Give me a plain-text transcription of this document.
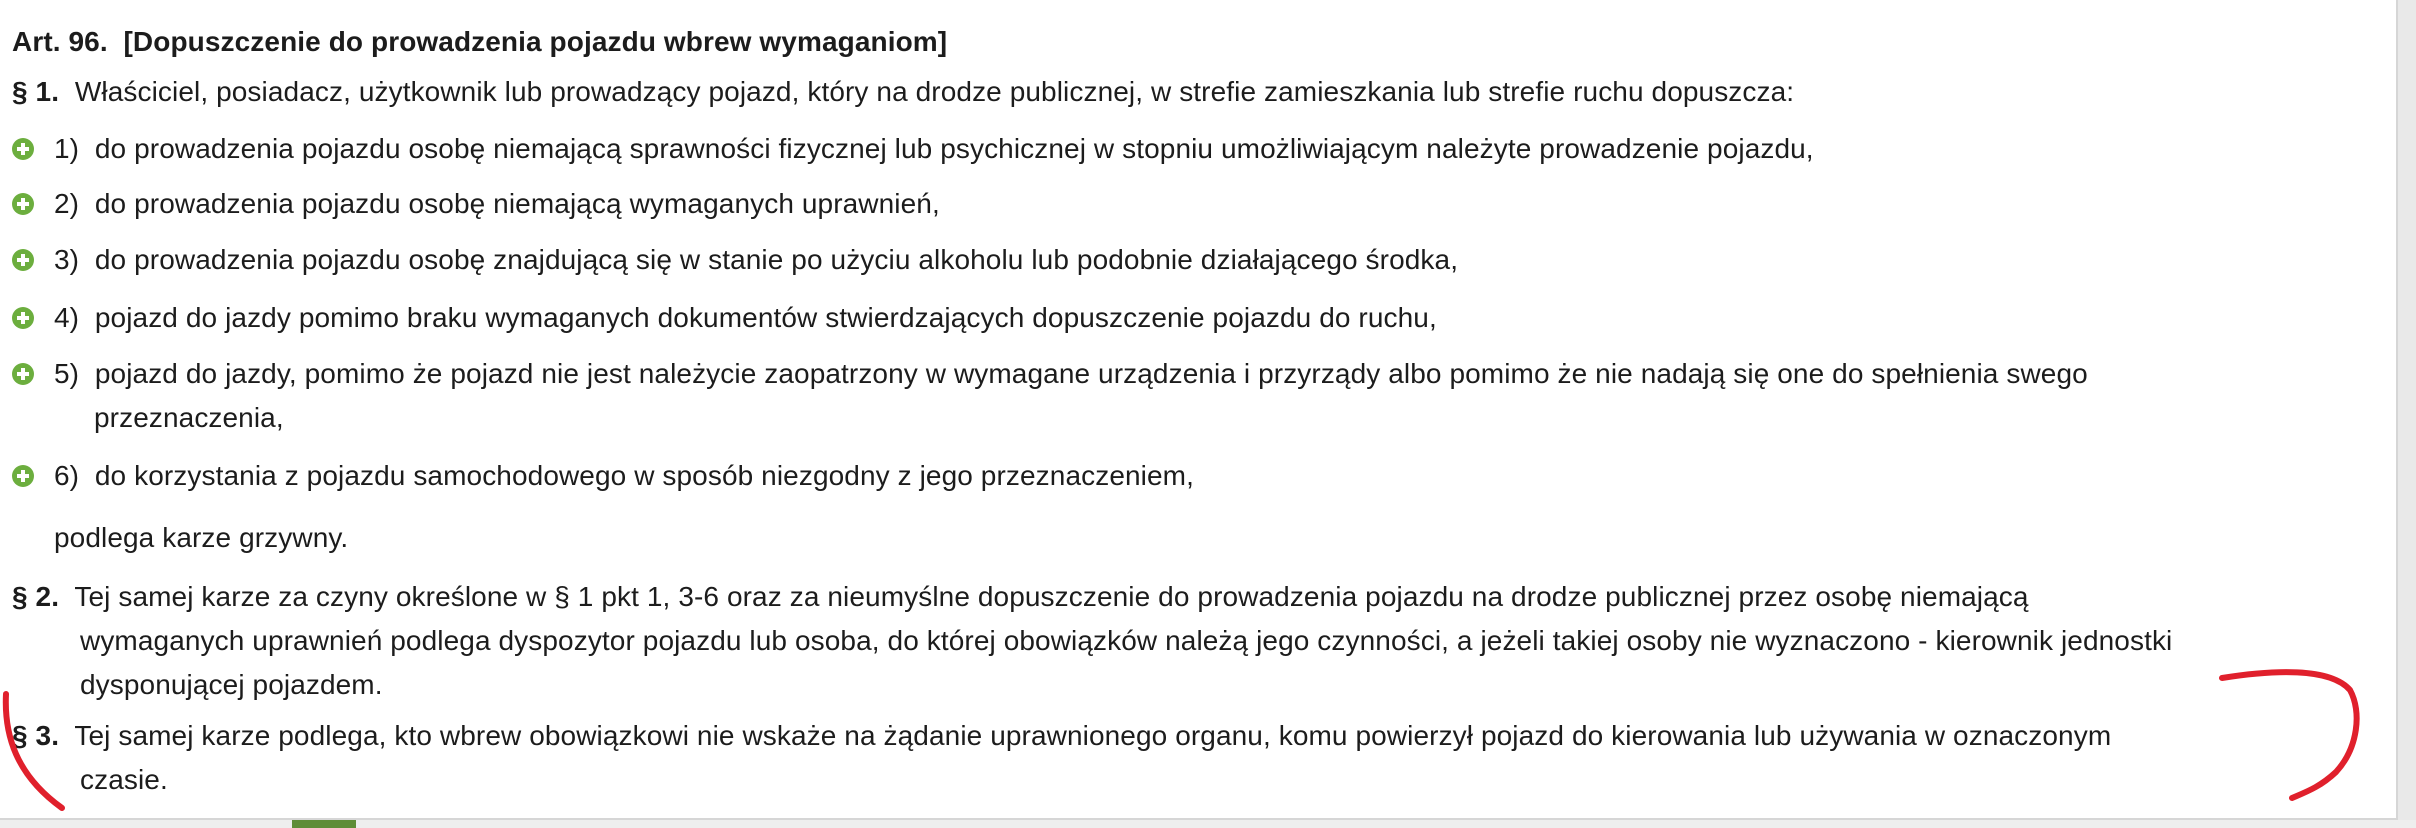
Art. 96. [Dopuszczenie do prowadzenia pojazdu wbrew wymaganiom]
§ 1. Właściciel, posiadacz, użytkownik lub prowadzący pojazd, który na drodze publicznej, w strefie zamieszkania lub strefie ruchu dopuszcza:
1) do prowadzenia pojazdu osobę niemającą sprawności fizycznej lub psychicznej w stopniu umożliwiającym należyte prowadzenie pojazdu,
2) do prowadzenia pojazdu osobę niemającą wymaganych uprawnień,
3) do prowadzenia pojazdu osobę znajdującą się w stanie po użyciu alkoholu lub podobnie działającego środka,
4) pojazd do jazdy pomimo braku wymaganych dokumentów stwierdzających dopuszczenie pojazdu do ruchu,
5) pojazd do jazdy, pomimo że pojazd nie jest należycie zaopatrzony w wymagane urządzenia i przyrządy albo pomimo że nie nadają się one do spełnienia swego
przeznaczenia,
6) do korzystania z pojazdu samochodowego w sposób niezgodny z jego przeznaczeniem,
podlega karze grzywny.
§ 2. Tej samej karze za czyny określone w § 1 pkt 1, 3-6 oraz za nieumyślne dopuszczenie do prowadzenia pojazdu na drodze publicznej przez osobę niemającą
wymaganych uprawnień podlega dyspozytor pojazdu lub osoba, do której obowiązków należą jego czynności, a jeżeli takiej osoby nie wyznaczono - kierownik jednostki
dysponującej pojazdem.
§ 3. Tej samej karze podlega, kto wbrew obowiązkowi nie wskaże na żądanie uprawnionego organu, komu powierzył pojazd do kierowania lub używania w oznaczonym
czasie.
